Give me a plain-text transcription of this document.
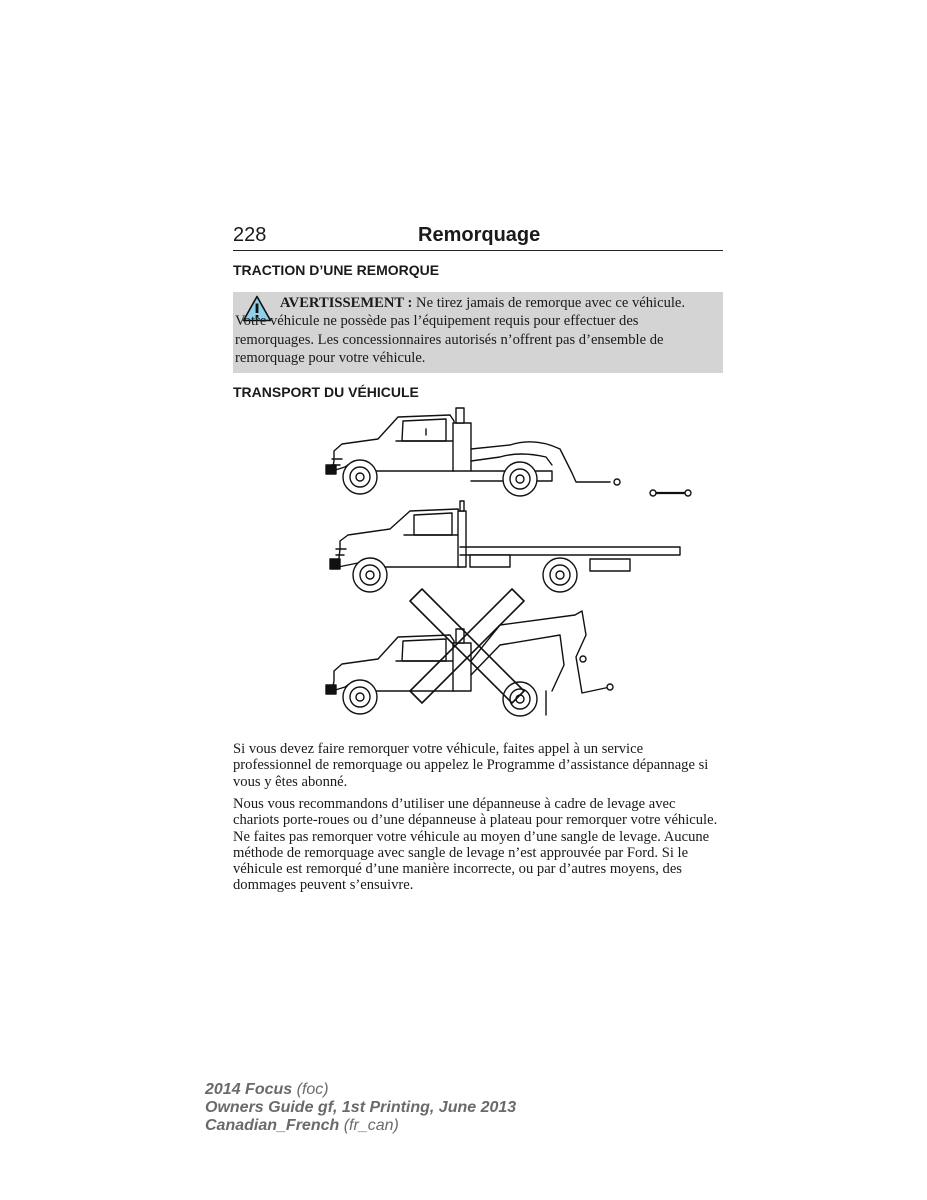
228	Remorquage
TRACTION D’UNE REMORQUE
AVERTISSEMENT : Ne tirez jamais de remorque avec ce véhicule. Votre véhicule ne possède pas l’équipement requis pour effectuer des remorquages. Les concessionnaires autorisés n’offrent pas d’ensemble de remorquage pour votre véhicule.
TRANSPORT DU VÉHICULE

Si vous devez faire remorquer votre véhicule, faites appel à un service professionnel de remorquage ou appelez le Programme d’assistance dépannage si vous y êtes abonné.

Nous vous recommandons d’utiliser une dépanneuse à cadre de levage avec chariots porte-roues ou d’une dépanneuse à plateau pour remorquer votre véhicule. Ne faites pas remorquer votre véhicule au moyen d’une sangle de levage. Aucune méthode de remorquage avec sangle de levage n’est approuvée par Ford. Si le véhicule est remorqué d’une manière incorrecte, ou par d’autres moyens, des dommages peuvent s’ensuivre.

2014 Focus (foc)
Owners Guide gf, 1st Printing, June 2013
Canadian_French (fr_can)
